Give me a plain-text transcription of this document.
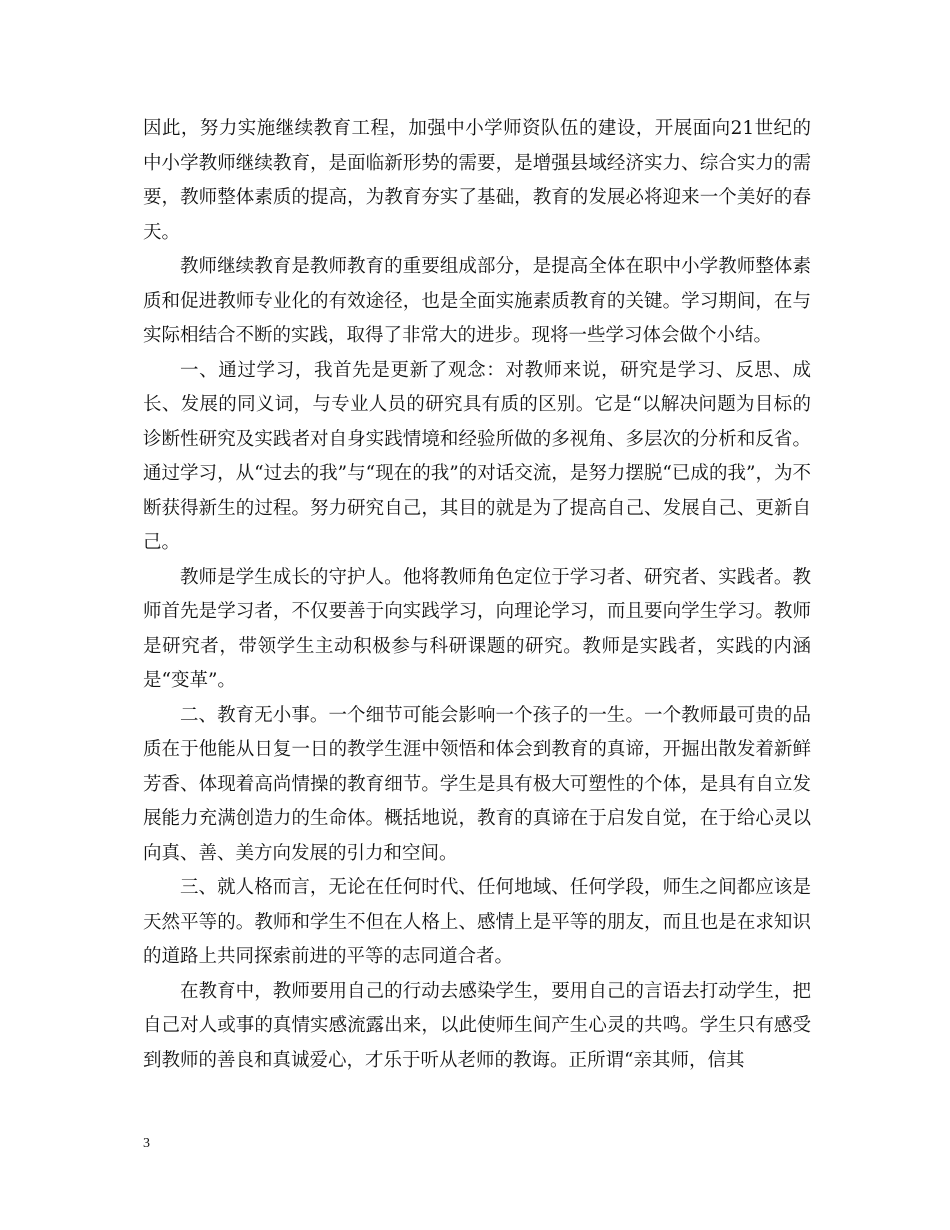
因此，努力实施继续教育工程，加强中小学师资队伍的建设，开展面向21世纪的中小学教师继续教育，是面临新形势的需要，是增强县域经济实力、综合实力的需要，教师整体素质的提高，为教育夯实了基础，教育的发展必将迎来一个美好的春天。

教师继续教育是教师教育的重要组成部分，是提高全体在职中小学教师整体素质和促进教师专业化的有效途径，也是全面实施素质教育的关键。学习期间，在与实际相结合不断的实践，取得了非常大的进步。现将一些学习体会做个小结。

一、通过学习，我首先是更新了观念：对教师来说，研究是学习、反思、成长、发展的同义词，与专业人员的研究具有质的区别。它是“以解决问题为目标的诊断性研究及实践者对自身实践情境和经验所做的多视角、多层次的分析和反省。通过学习，从“过去的我”与“现在的我”的对话交流，是努力摆脱“已成的我”，为不断获得新生的过程。努力研究自己，其目的就是为了提高自己、发展自己、更新自己。

教师是学生成长的守护人。他将教师角色定位于学习者、研究者、实践者。教师首先是学习者，不仅要善于向实践学习，向理论学习，而且要向学生学习。教师是研究者，带领学生主动积极参与科研课题的研究。教师是实践者，实践的内涵是“变革”。

二、教育无小事。一个细节可能会影响一个孩子的一生。一个教师最可贵的品质在于他能从日复一日的教学生涯中领悟和体会到教育的真谛，开掘出散发着新鲜芳香、体现着高尚情操的教育细节。学生是具有极大可塑性的个体，是具有自立发展能力充满创造力的生命体。概括地说，教育的真谛在于启发自觉，在于给心灵以向真、善、美方向发展的引力和空间。

三、就人格而言，无论在任何时代、任何地域、任何学段，师生之间都应该是天然平等的。教师和学生不但在人格上、感情上是平等的朋友，而且也是在求知识的道路上共同探索前进的平等的志同道合者。

在教育中，教师要用自己的行动去感染学生，要用自己的言语去打动学生，把自己对人或事的真情实感流露出来，以此使师生间产生心灵的共鸣。学生只有感受到教师的善良和真诚爱心，才乐于听从老师的教诲。正所谓“亲其师，信其

3
